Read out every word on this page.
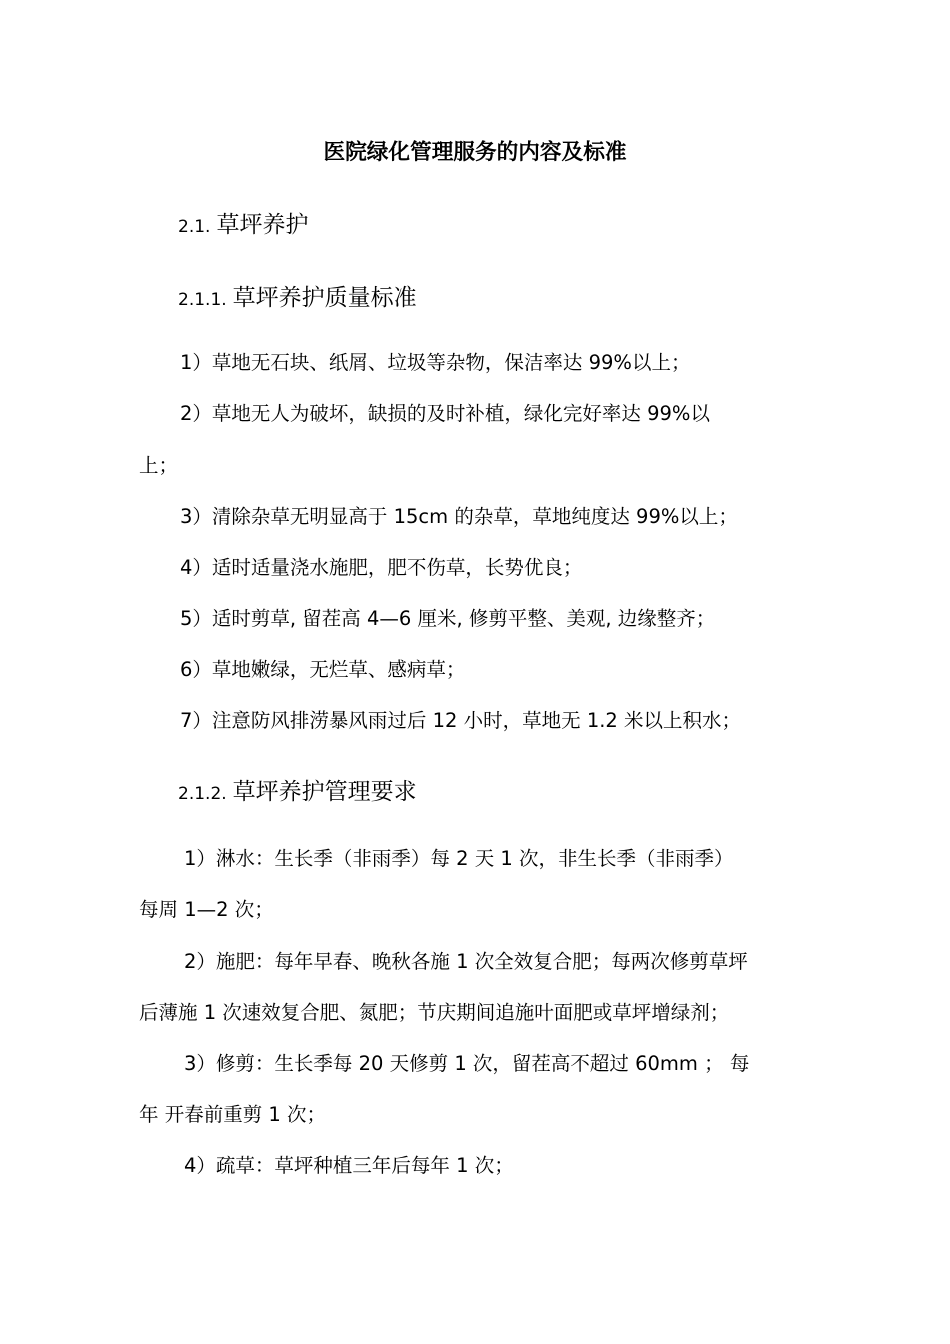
医院绿化管理服务的内容及标准
2.1. 草坪养护
2.1.1. 草坪养护质量标准
1）草地无石块、纸屑、垃圾等杂物，保洁率达 99%以上；
2）草地无人为破坏，缺损的及时补植，绿化完好率达 99%以
上；
3）清除杂草无明显高于 15cm 的杂草，草地纯度达 99%以上；
4）适时适量浇水施肥，肥不伤草，长势优良；
5）适时剪草, 留茬高 4—6 厘米, 修剪平整、美观, 边缘整齐；
6）草地嫩绿，无烂草、感病草；
7）注意防风排涝暴风雨过后 12 小时，草地无 1.2 米以上积水；
2.1.2. 草坪养护管理要求
1）淋水：生长季（非雨季）每 2 天 1 次，非生长季（非雨季）
每周 1—2 次；
2）施肥：每年早春、晚秋各施 1 次全效复合肥；每两次修剪草坪
后薄施 1 次速效复合肥、氮肥；节庆期间追施叶面肥或草坪增绿剂；
3）修剪：生长季每 20 天修剪 1 次，留茬高不超过 60mm ； 每
年 开春前重剪 1 次；
4）疏草：草坪种植三年后每年 1 次；
